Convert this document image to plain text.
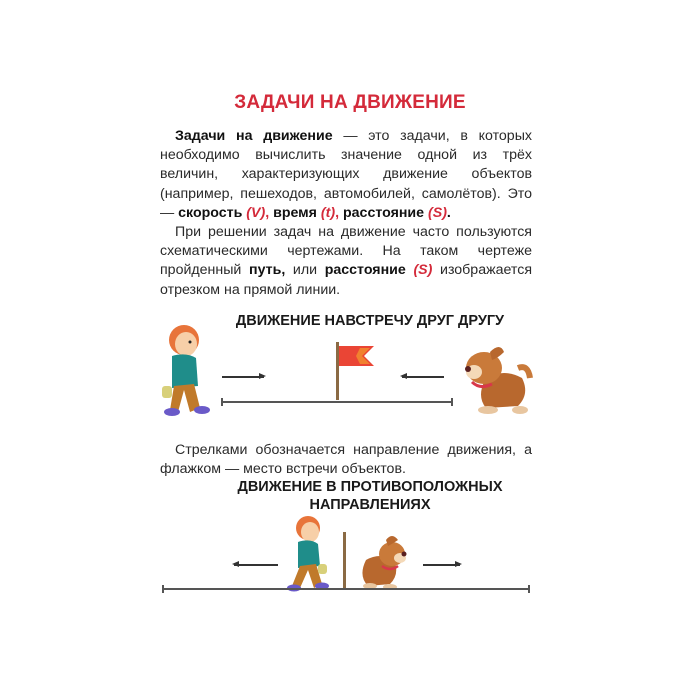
ЗАДАЧИ НА ДВИЖЕНИЕ

Задачи на движение — это задачи, в которых необходимо вычислить значение одной из трёх величин, характеризующих движение объектов (например, пешеходов, автомобилей, самолётов). Это — скорость (V), время (t), расстояние (S).

При решении задач на движение часто пользуются схематическими чертежами. На таком чертеже пройденный путь, или расстояние (S) изображается отрезком на прямой линии.

ДВИЖЕНИЕ НАВСТРЕЧУ ДРУГ ДРУГУ

Стрелками обозначается направление движения, а флажком — место встречи объектов.

ДВИЖЕНИЕ В ПРОТИВОПОЛОЖНЫХ
НАПРАВЛЕНИЯХ
